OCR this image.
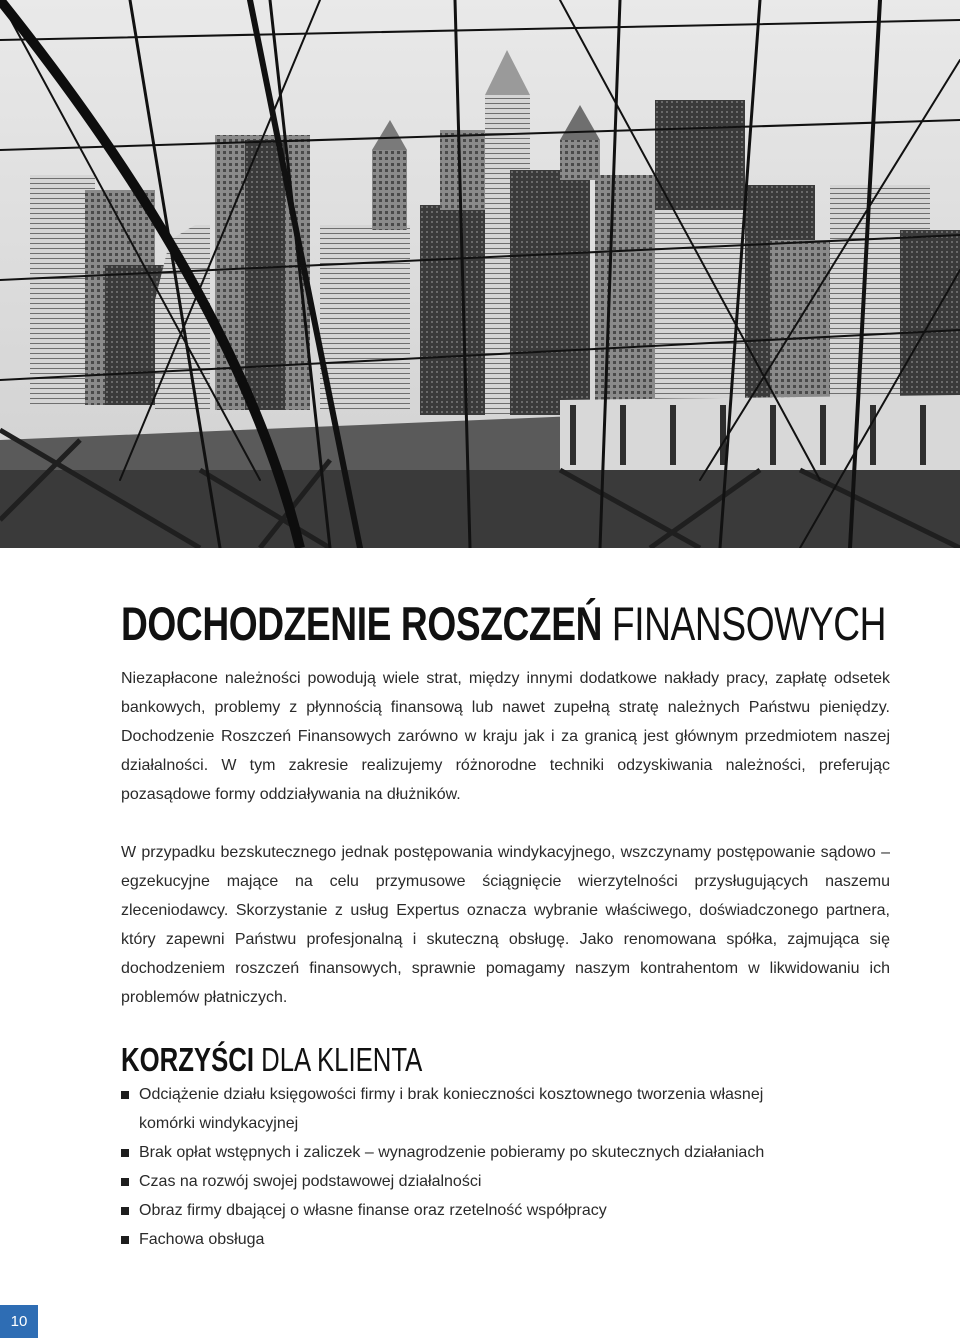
DOCHODZENIE ROSZCZEŃ FINANSOWYCH

Niezapłacone należności powodują wiele strat, między innymi dodatkowe nakłady pracy, zapłatę odsetek bankowych, problemy z płynnością finansową lub nawet zupełną stratę należnych Państwu pieniędzy. Dochodzenie Roszczeń Finansowych zarówno w kraju jak i za granicą jest głównym przedmiotem naszej działalności. W tym zakresie realizujemy różnorodne techniki odzyskiwania należności, preferując pozasądowe formy oddziaływania na dłużników.

W przypadku bezskutecznego jednak postępowania windykacyjnego, wszczynamy postępowanie sądowo – egzekucyjne mające na celu przymusowe ściągnięcie wierzytelności przysługujących naszemu zleceniodawcy. Skorzystanie z usług Expertus oznacza wybranie właściwego, doświadczonego partnera, który zapewni Państwu profesjonalną i skuteczną obsługę. Jako renomowana spółka, zajmująca się dochodzeniem roszczeń finansowych, sprawnie pomagamy naszym kontrahentom w likwidowaniu ich problemów płatniczych.

KORZYŚCI DLA KLIENTA
Odciążenie działu księgowości firmy i brak konieczności kosztownego tworzenia własnej komórki windykacyjnej
Brak opłat wstępnych i zaliczek – wynagrodzenie pobieramy po skutecznych działaniach
Czas na rozwój swojej podstawowej działalności
Obraz firmy dbającej o własne finanse oraz rzetelność współpracy
Fachowa obsługa
10
